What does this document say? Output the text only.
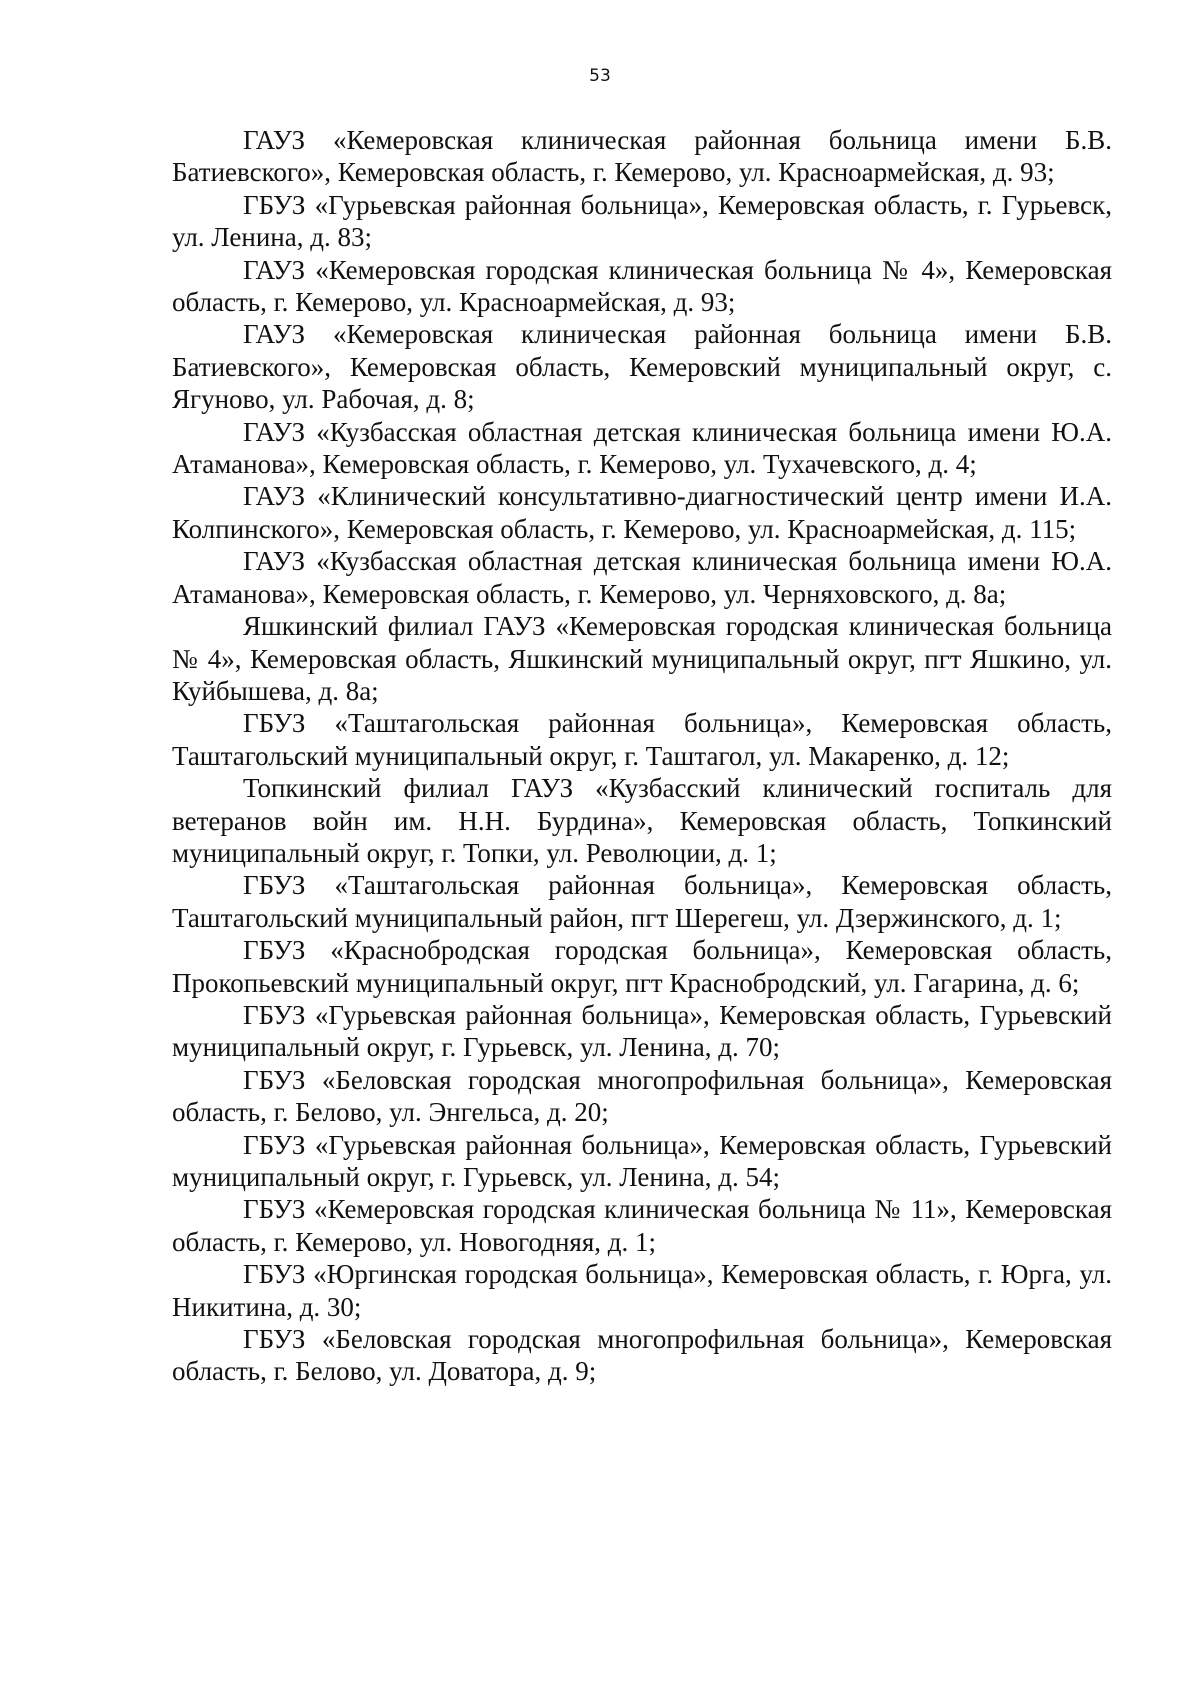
53

ГАУЗ «Кемеровская клиническая районная больница имени Б.В. Батиевского», Кемеровская область, г. Кемерово, ул. Красноармейская, д. 93;

ГБУЗ «Гурьевская районная больница», Кемеровская область, г. Гурьевск, ул. Ленина, д. 83;

ГАУЗ «Кемеровская городская клиническая больница № 4», Кемеровская область, г. Кемерово, ул. Красноармейская, д. 93;

ГАУЗ «Кемеровская клиническая районная больница имени Б.В. Батиевского», Кемеровская область, Кемеровский муниципальный округ, с. Ягуново, ул. Рабочая, д. 8;

ГАУЗ «Кузбасская областная детская клиническая больница имени Ю.А. Атаманова», Кемеровская область, г. Кемерово, ул. Тухачевского, д. 4;

ГАУЗ «Клинический консультативно-диагностический центр имени И.А. Колпинского», Кемеровская область, г. Кемерово, ул. Красноармейская, д. 115;

ГАУЗ «Кузбасская областная детская клиническая больница имени Ю.А. Атаманова», Кемеровская область, г. Кемерово, ул. Черняховского, д. 8а;

Яшкинский филиал ГАУЗ «Кемеровская городская клиническая больница № 4», Кемеровская область, Яшкинский муниципальный округ, пгт Яшкино, ул. Куйбышева, д. 8а;

ГБУЗ «Таштагольская районная больница», Кемеровская область, Таштагольский муниципальный округ, г. Таштагол, ул. Макаренко, д. 12;

Топкинский филиал ГАУЗ «Кузбасский клинический госпиталь для ветеранов войн им. Н.Н. Бурдина», Кемеровская область, Топкинский муниципальный округ, г. Топки, ул. Революции, д. 1;

ГБУЗ «Таштагольская районная больница», Кемеровская область, Таштагольский муниципальный район, пгт Шерегеш, ул. Дзержинского, д. 1;

ГБУЗ «Краснобродская городская больница», Кемеровская область, Прокопьевский муниципальный округ, пгт Краснобродский, ул. Гагарина, д. 6;

ГБУЗ «Гурьевская районная больница», Кемеровская область, Гурьевский муниципальный округ, г. Гурьевск, ул. Ленина, д. 70;

ГБУЗ «Беловская городская многопрофильная больница», Кемеровская область, г. Белово, ул. Энгельса, д. 20;

ГБУЗ «Гурьевская районная больница», Кемеровская область, Гурьевский муниципальный округ, г. Гурьевск, ул. Ленина, д. 54;

ГБУЗ «Кемеровская городская клиническая больница № 11», Кемеровская область, г. Кемерово, ул. Новогодняя, д. 1;

ГБУЗ «Юргинская городская больница», Кемеровская область, г. Юрга, ул. Никитина, д. 30;

ГБУЗ «Беловская городская многопрофильная больница», Кемеровская область, г. Белово, ул. Доватора, д. 9;
